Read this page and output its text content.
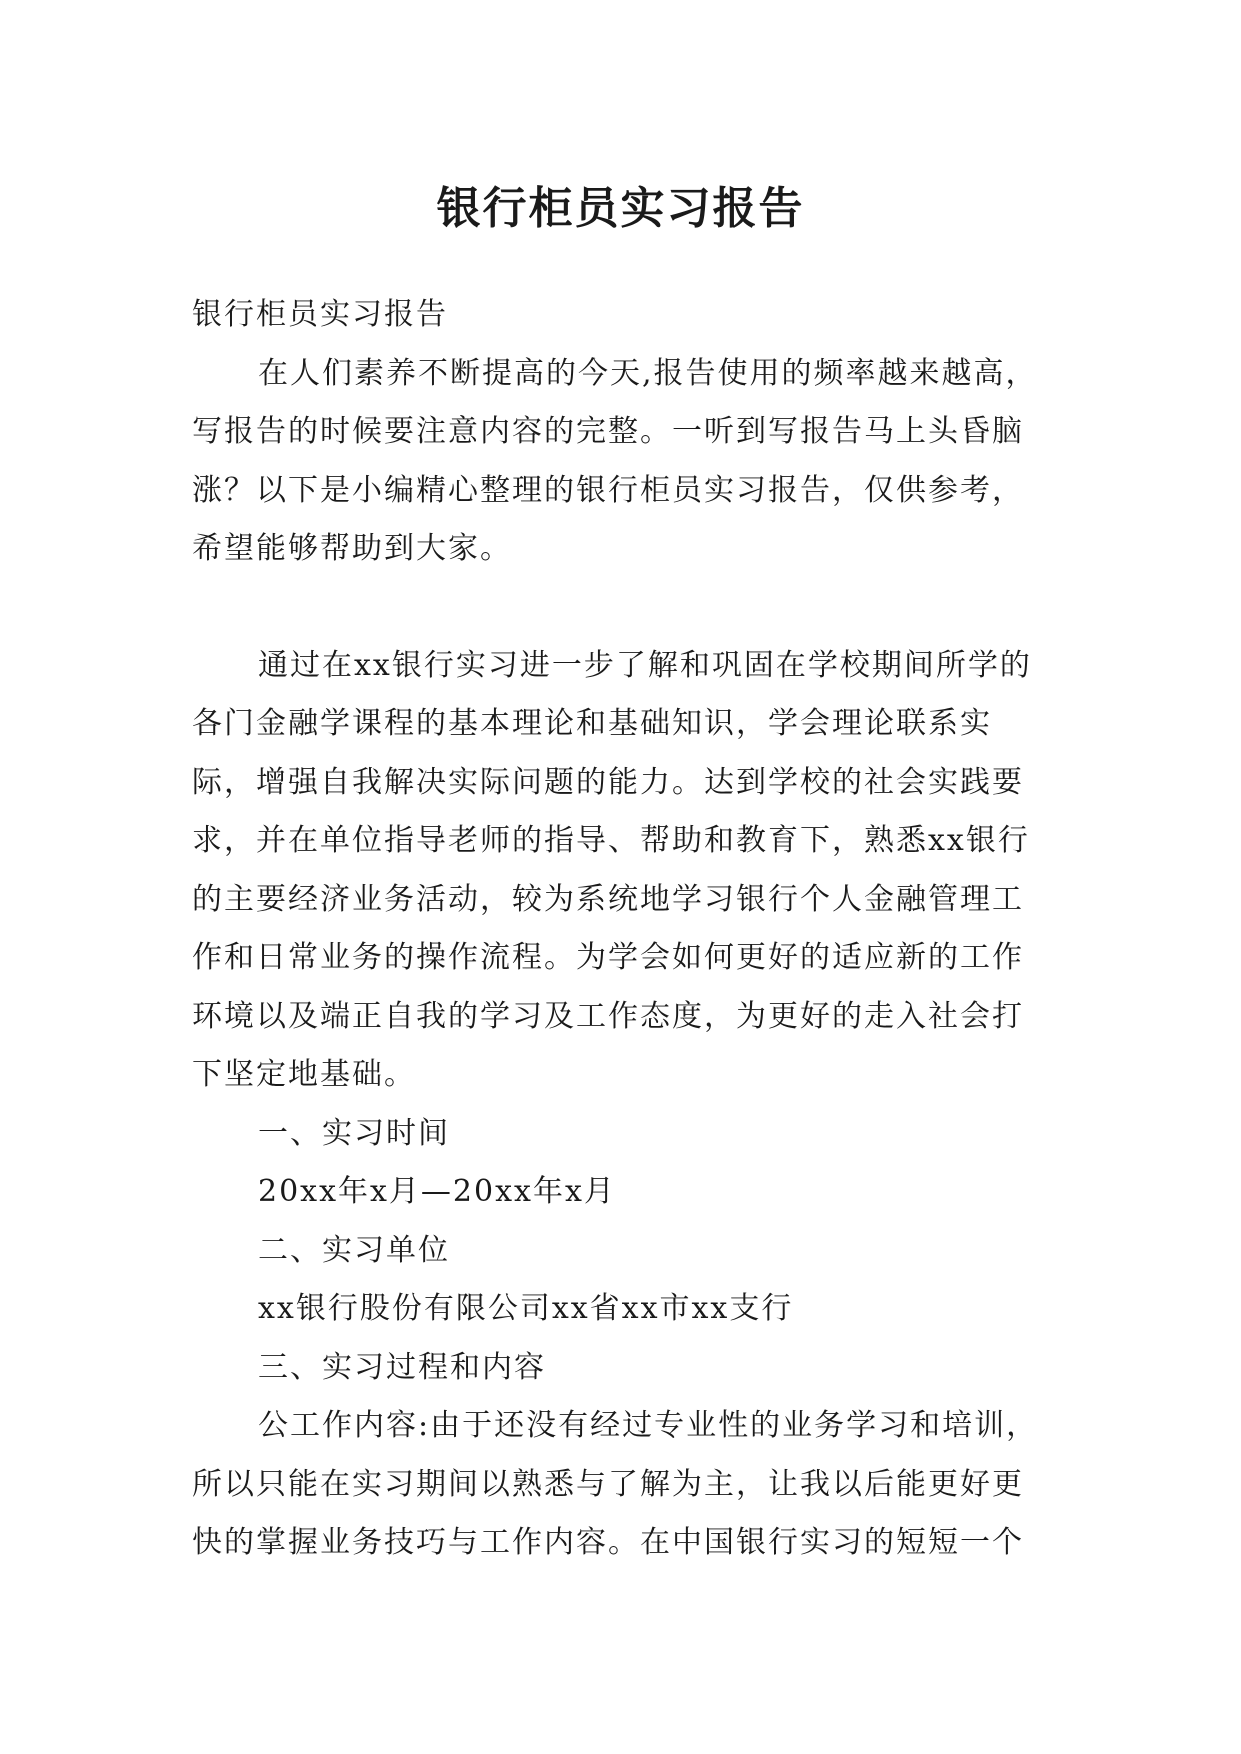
银行柜员实习报告

银行柜员实习报告

在人们素养不断提高的今天,报告使用的频率越来越高，写报告的时候要注意内容的完整。一听到写报告马上头昏脑涨？以下是小编精心整理的银行柜员实习报告，仅供参考，希望能够帮助到大家。

通过在xx银行实习进一步了解和巩固在学校期间所学的各门金融学课程的基本理论和基础知识，学会理论联系实际，增强自我解决实际问题的能力。达到学校的社会实践要求，并在单位指导老师的指导、帮助和教育下，熟悉xx银行的主要经济业务活动，较为系统地学习银行个人金融管理工作和日常业务的操作流程。为学会如何更好的适应新的工作环境以及端正自我的学习及工作态度，为更好的走入社会打下坚定地基础。

一、实习时间

20xx年x月—20xx年x月

二、实习单位

xx银行股份有限公司xx省xx市xx支行

三、实习过程和内容

公工作内容:由于还没有经过专业性的业务学习和培训，所以只能在实习期间以熟悉与了解为主，让我以后能更好更快的掌握业务技巧与工作内容。在中国银行实习的短短一个
